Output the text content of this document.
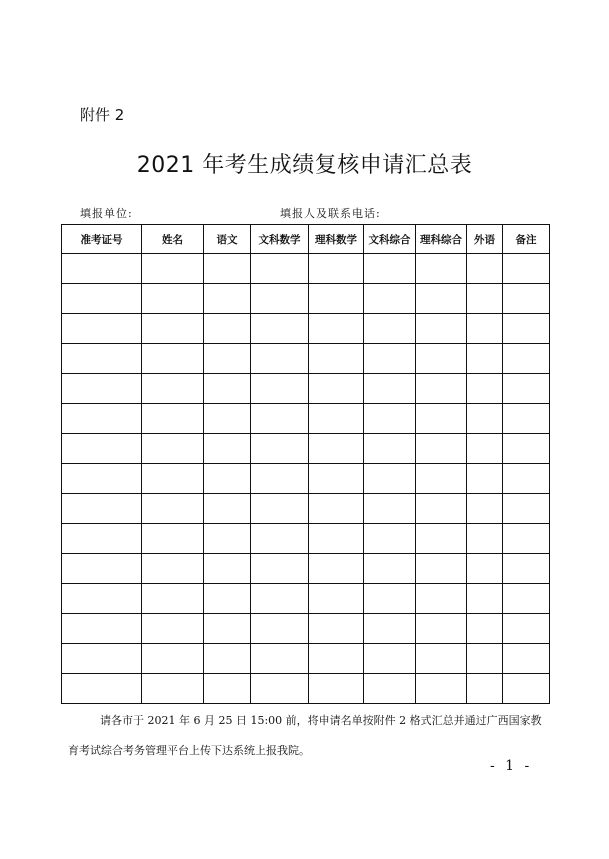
附件 2
2021 年考生成绩复核申请汇总表
填报单位:	填报人及联系电话:
准考证号	姓名	语文	文科数学	理科数学	文科综合	理科综合	外语	备注

请各市于 2021 年 6 月 25 日 15:00 前，将申请名单按附件 2 格式汇总并通过广西国家教育考试综合考务管理平台上传下达系统上报我院。
- 1 -
